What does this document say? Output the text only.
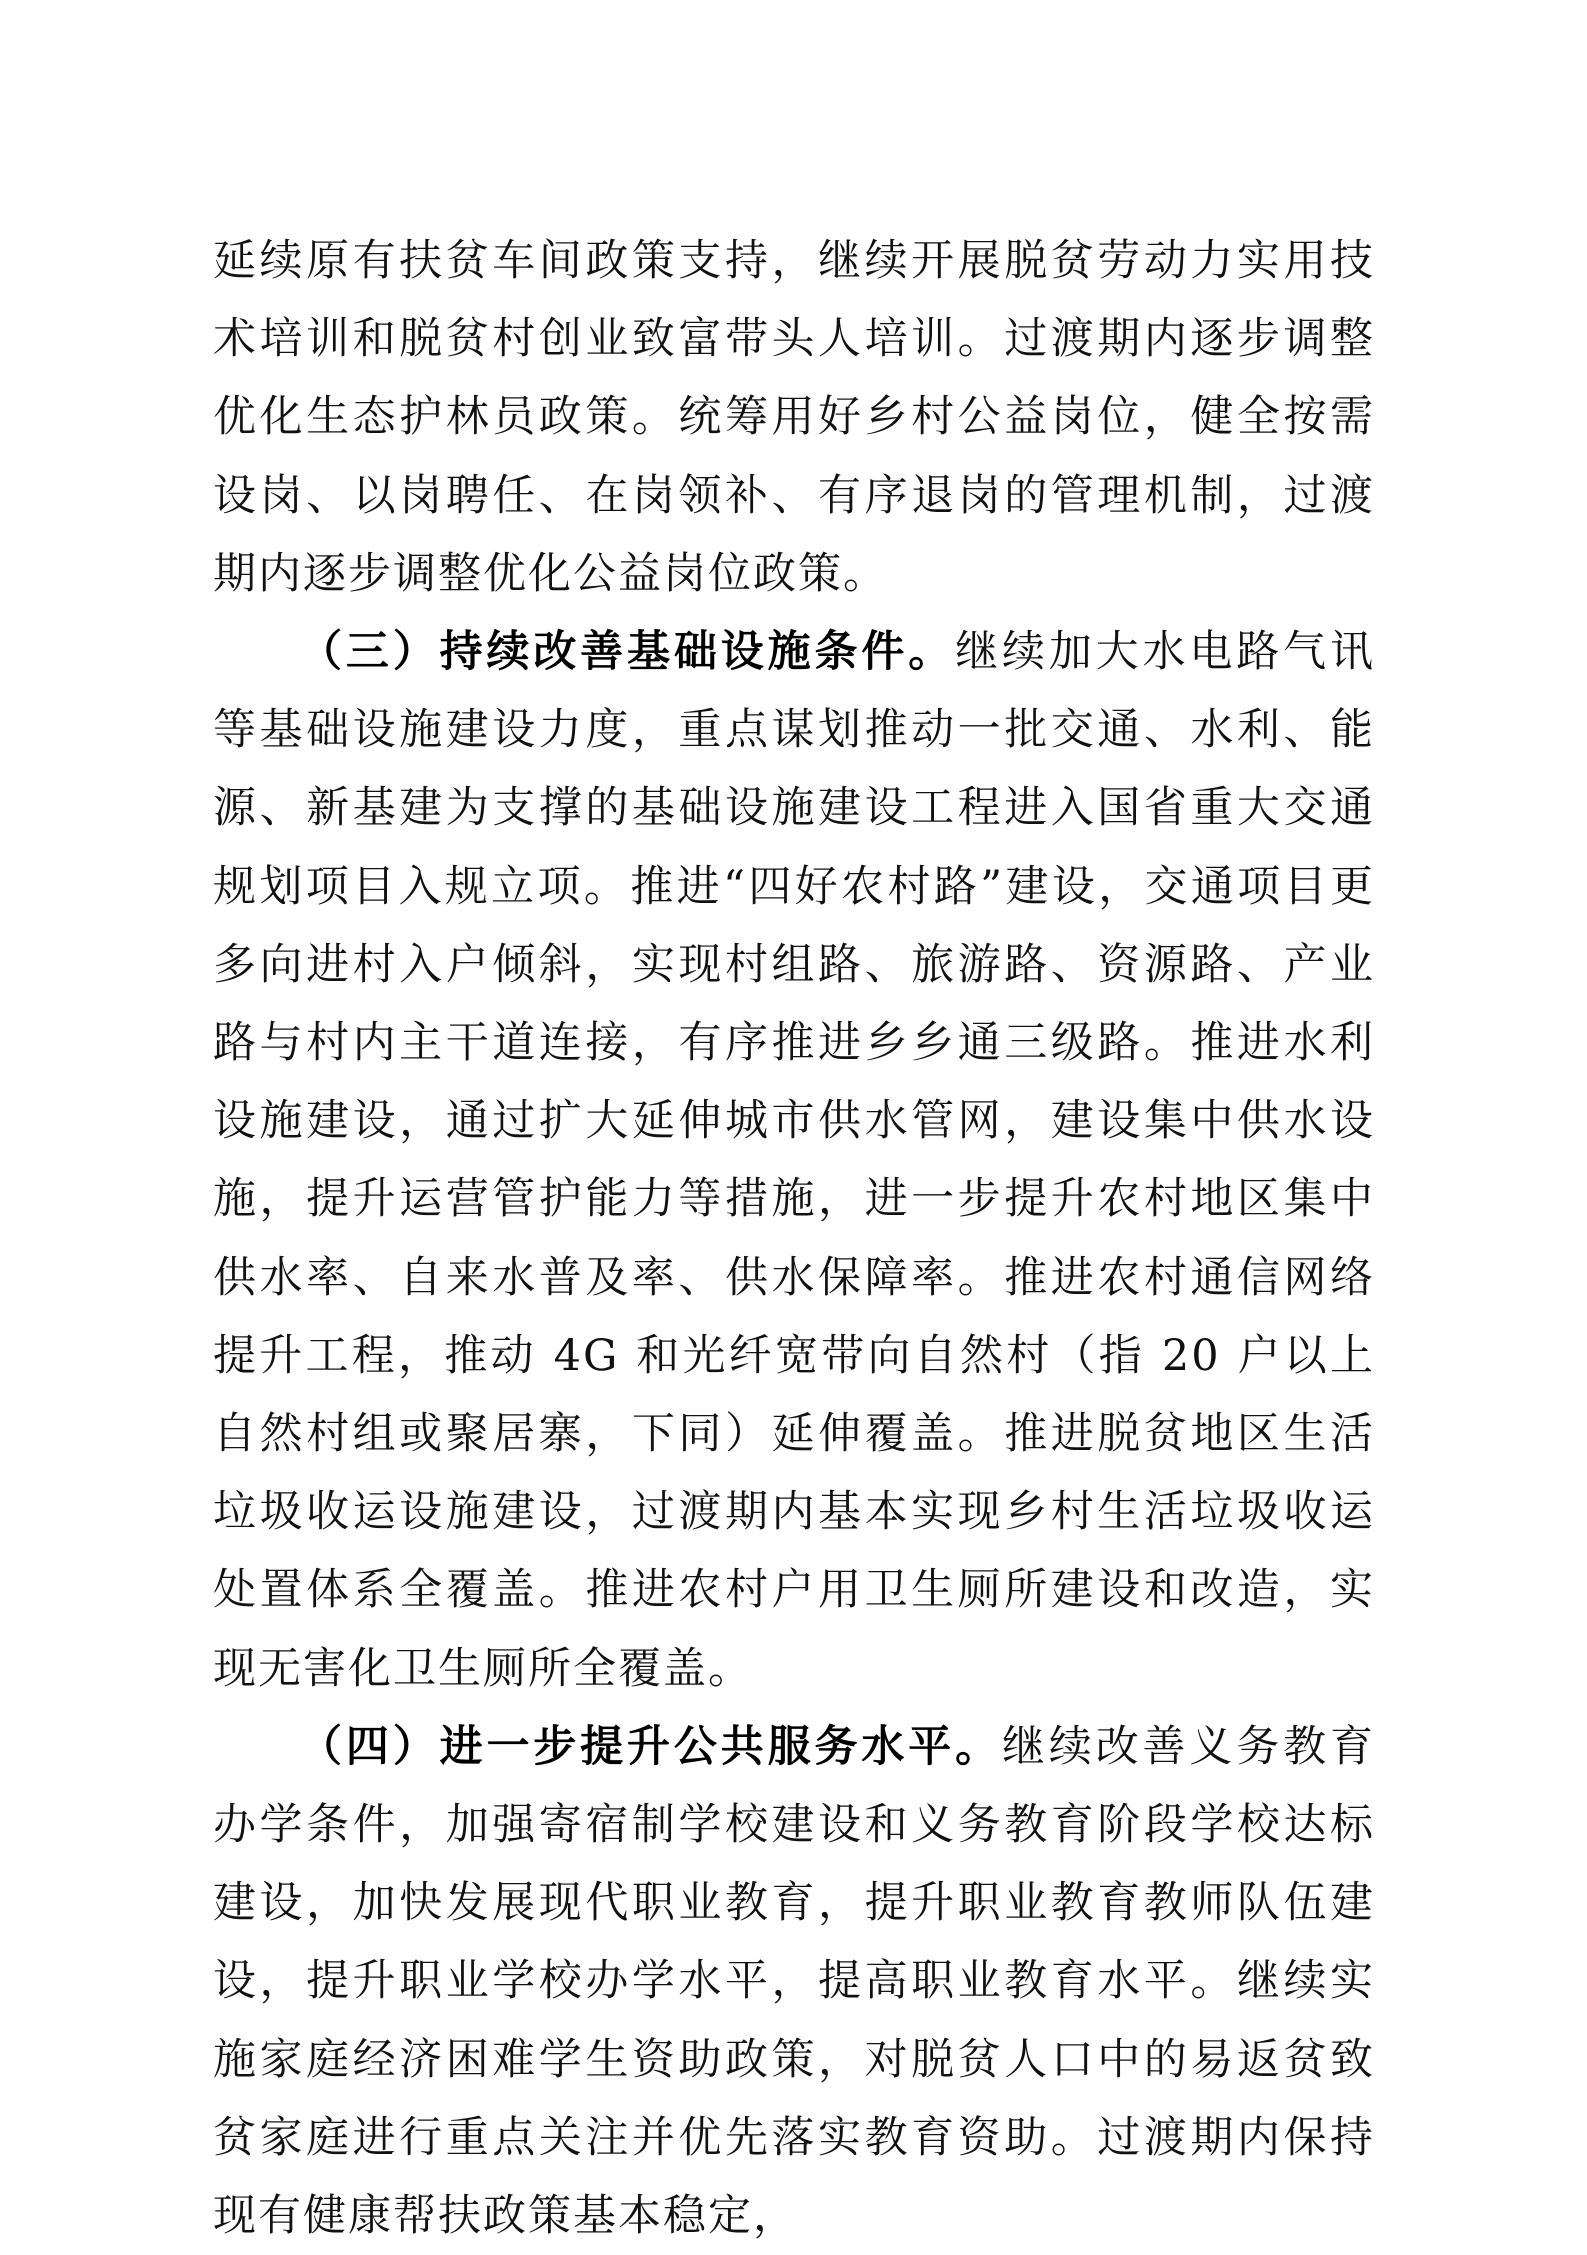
延续原有扶贫车间政策支持，继续开展脱贫劳动力实用技术培训和脱贫村创业致富带头人培训。过渡期内逐步调整优化生态护林员政策。统筹用好乡村公益岗位，健全按需设岗、以岗聘任、在岗领补、有序退岗的管理机制，过渡期内逐步调整优化公益岗位政策。

（三）持续改善基础设施条件。继续加大水电路气讯等基础设施建设力度，重点谋划推动一批交通、水利、能源、新基建为支撑的基础设施建设工程进入国省重大交通规划项目入规立项。推进“四好农村路”建设，交通项目更多向进村入户倾斜，实现村组路、旅游路、资源路、产业路与村内主干道连接，有序推进乡乡通三级路。推进水利设施建设，通过扩大延伸城市供水管网，建设集中供水设施，提升运营管护能力等措施，进一步提升农村地区集中供水率、自来水普及率、供水保障率。推进农村通信网络提升工程，推动 4G 和光纤宽带向自然村（指 20 户以上自然村组或聚居寨，下同）延伸覆盖。推进脱贫地区生活垃圾收运设施建设，过渡期内基本实现乡村生活垃圾收运处置体系全覆盖。推进农村户用卫生厕所建设和改造，实现无害化卫生厕所全覆盖。

（四）进一步提升公共服务水平。继续改善义务教育办学条件，加强寄宿制学校建设和义务教育阶段学校达标建设，加快发展现代职业教育，提升职业教育教师队伍建设，提升职业学校办学水平，提高职业教育水平。继续实施家庭经济困难学生资助政策，对脱贫人口中的易返贫致贫家庭进行重点关注并优先落实教育资助。过渡期内保持现有健康帮扶政策基本稳定，
